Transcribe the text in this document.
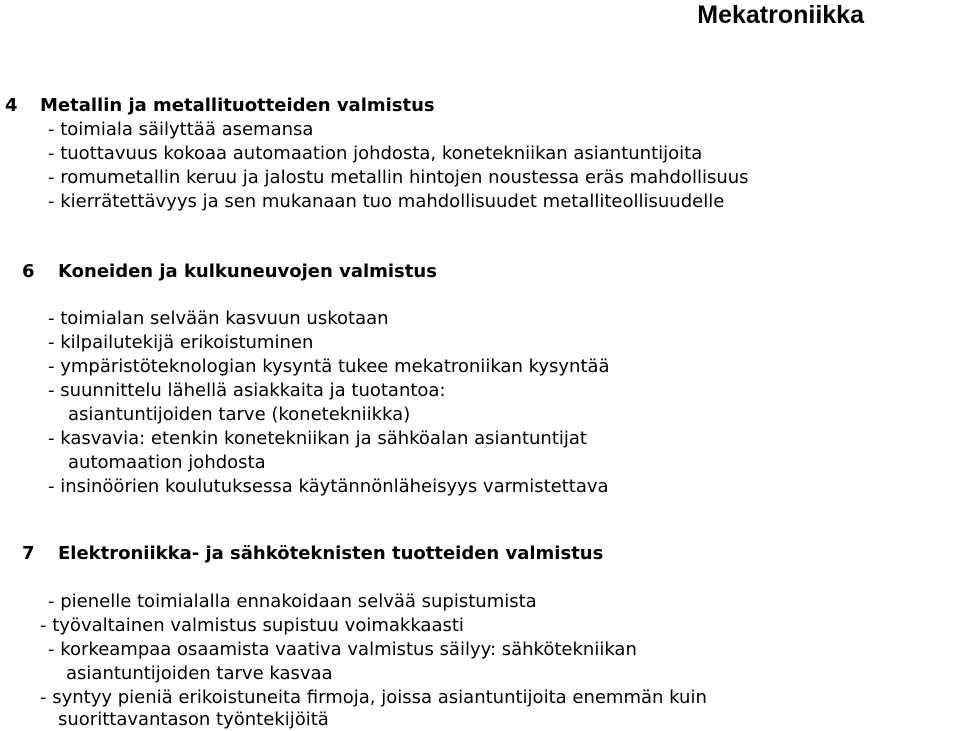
Mekatroniikka
4 Metallin ja metallituotteiden valmistus
- toimiala säilyttää asemansa
- tuottavuus kokoaa automaation johdosta, konetekniikan asiantuntijoita
- romumetallin keruu ja jalostu metallin hintojen noustessa eräs mahdollisuus
- kierrätettävyys ja sen mukanaan tuo mahdollisuudet metalliteollisuudelle
6 Koneiden ja kulkuneuvojen valmistus
- toimialan selvään kasvuun uskotaan
- kilpailutekijä erikoistuminen
- ympäristöteknologian kysyntä tukee mekatroniikan kysyntää
- suunnittelu lähellä asiakkaita ja tuotantoa:
asiantuntijoiden tarve (konetekniikka)
- kasvavia: etenkin konetekniikan ja sähköalan asiantuntijat
automaation johdosta
- insinöörien koulutuksessa käytännönläheisyys varmistettava
7 Elektroniikka- ja sähköteknisten tuotteiden valmistus
- pienelle toimialalla ennakoidaan selvää supistumista
- työvaltainen valmistus supistuu voimakkaasti
- korkeampaa osaamista vaativa valmistus säilyy: sähkötekniikan
asiantuntijoiden tarve kasvaa
- syntyy pieniä erikoistuneita firmoja, joissa asiantuntijoita enemmän kuin
suorittavantason työntekijöitä
